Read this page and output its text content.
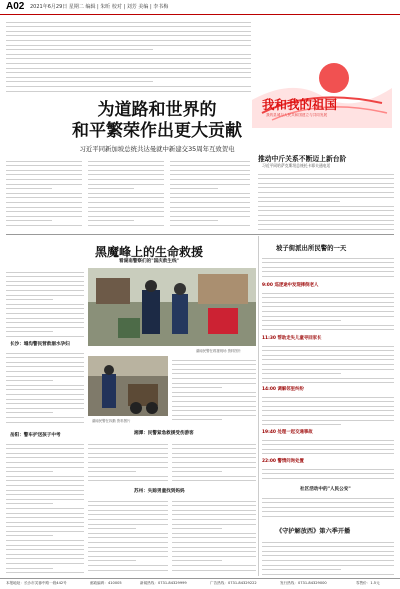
A02 2021年6月29日 星期二 编辑 | 朱昕 校对 | 刘芳 美编 | 李书梅
为道路和世界的
和平繁荣作出更大贡献
习近平同新加坡总统共达曼就中新建交35周年互致贺电
我和我的祖国
我的县城与人民共和国建立与共同发展
推动中斤关系不断迈上新台阶
习近平同哈萨克斯坦总统托卡耶夫通电话
黑魔峰上的生命救援
看湖南警察们的"国庆救生线"
长沙：塌沟警民营救溺水孕妇
岳阳：警车护送孩子中考
湖南民警在救援现场 资料图片
湖南民警在执勤 资料图片
湘潭：民警紧急救援受伤游客
苏州：失踪男童找到妈妈
坡子街派出所民警的一天
9:00 巡逻途中发现摔倒老人
11:30 帮助走失儿童寻回家长
14:00 调解邻里纠纷
19:40 处理一起交通事故
22:00 警情问询处置
社区活动中的"人民公安"
《守护解放西》第六季开播
本报地址：长沙市芙蓉中路一段442号	邮政编码：410005	新闻热线：0731-84329999	广告热线：0731-84329222	发行热线：0731-84329000	零售价：1.5元
